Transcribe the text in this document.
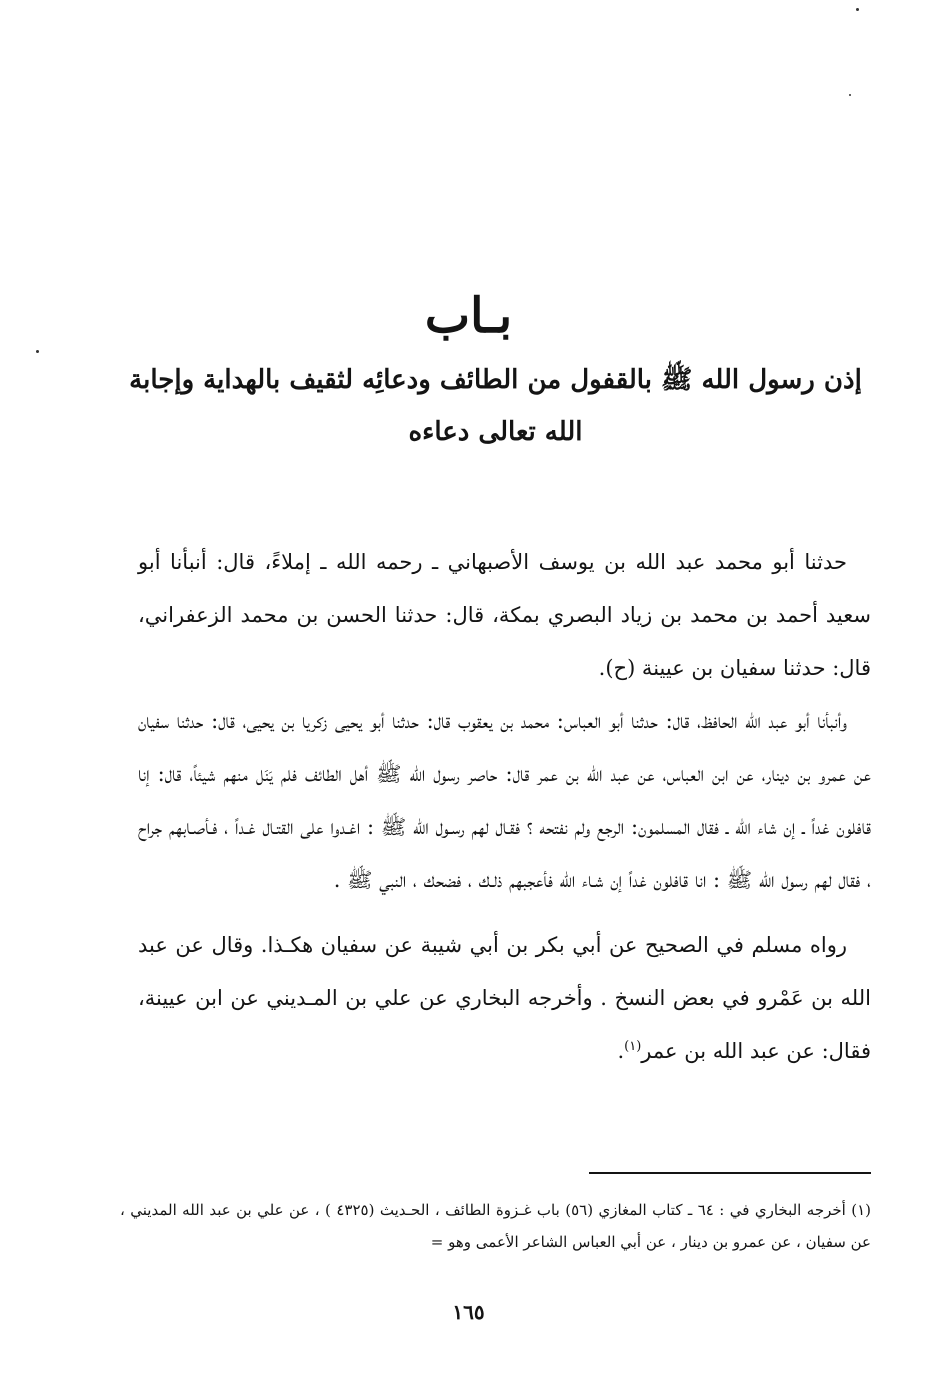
بـاب
إذن رسول الله ﷺ بالقفول من الطائف ودعائِه لثقيف بالهداية وإجابة الله تعالى دعاءه

حدثنا أبو محمد عبد الله بن يوسف الأصبهاني ـ رحمه الله ـ إملاءً، قال: أنبأنا أبو سعيد أحمد بن محمد بن زياد البصري بمكة، قال: حدثنا الحسن بن محمد الزعفراني، قال: حدثنا سفيان بن عيينة (ح).

وأنبأنا أبو عبد الله الحافظ، قال: حدثنا أبو العباس: محمد بن يعقوب قال: حدثنا أبو يحيى زكريا بن يحيى، قال: حدثنا سفيان عن عمرو بن دينار، عن ابن العباس، عن عبد الله بن عمر قال: حاصر رسول الله ﷺ أهل الطائف فلم يَنَل منهم شيئاً، قال: إنا قافلون غداً ـ إن شاء الله ـ فقال المسلمون: الرجع ولم نفتحه ؟ فقـال لهم رسـول الله ﷺ : اغـدوا على القتـال غـداً ، فـأصـابهم جراح ، فقال لهم رسول الله ﷺ : انا قافلون غداً إن شـاء الله فأعجبهم ذلـك ، فضحك ، النبي ﷺ .

رواه مسلم في الصحيح عن أبي بكر بن أبي شيبة عن سفيان هكـذا. وقال عن عبد الله بن عَمْرو في بعض النسخ . وأخرجه البخاري عن علي بن المـديني عن ابن عيينة، فقال: عن عبد الله بن عمر$^{(١)}$.

(١) أخرجه البخاري في : ٦٤ ـ كتاب المغازي (٥٦) باب غـزوة الطائف ، الحـديث (٤٣٢٥ ) ، عن علي بن عبد الله المديني ، عن سفيان ، عن عمرو بن دينار ، عن أبي العباس الشاعر الأعمى وهو =

١٦٥
